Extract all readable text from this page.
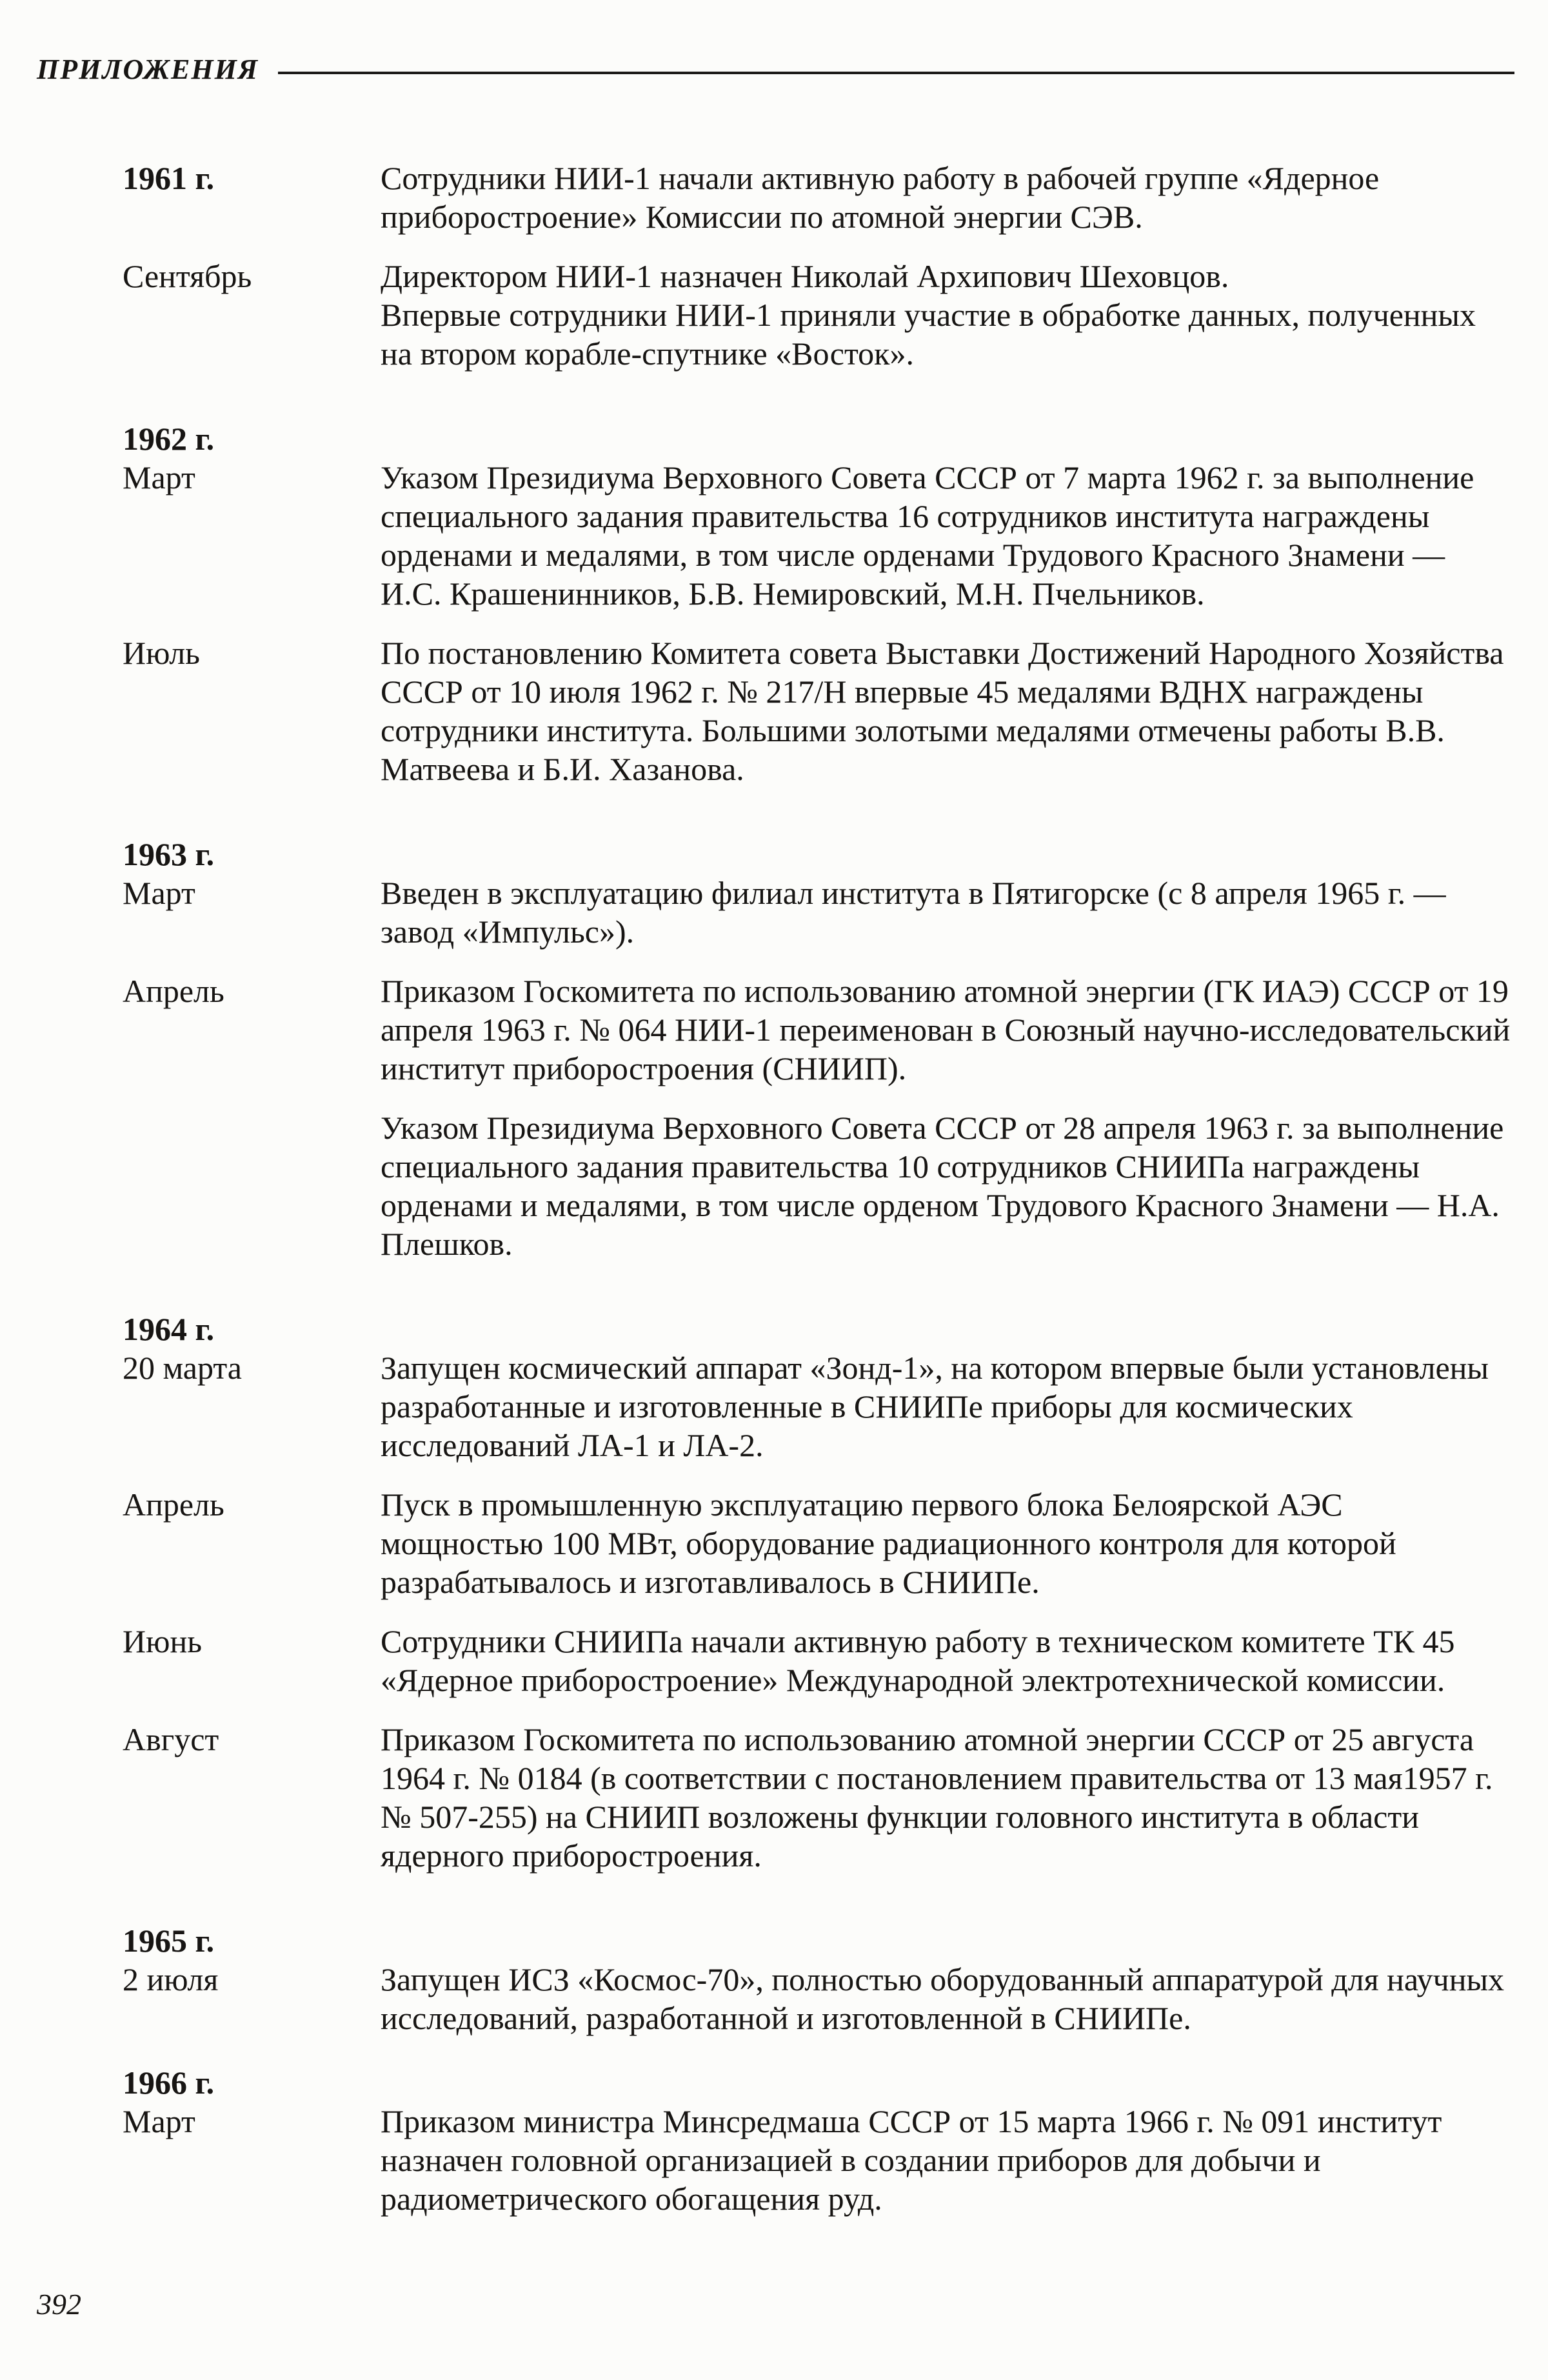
ПРИЛОЖЕНИЯ
1961 г.	Сотрудники НИИ-1 начали активную работу в рабочей группе «Ядерное приборостроение» Комиссии по атомной энергии СЭВ.

Сентябрь	Директором НИИ-1 назначен Николай Архипович Шеховцов.

Впервые сотрудники НИИ-1 приняли участие в обработке данных, полученных на втором корабле-спутнике «Восток».

1962 г.
Март	Указом Президиума Верховного Совета СССР от 7 марта 1962 г. за выполнение специального задания правительства 16 сотрудников института награждены орденами и медалями, в том числе орденами Трудового Красного Знамени — И.С. Крашенинников, Б.В. Немировский, М.Н. Пчельников.

Июль	По постановлению Комитета совета Выставки Достижений Народного Хозяйства СССР от 10 июля 1962 г. № 217/Н впервые 45 медалями ВДНХ награждены сотрудники института. Большими золотыми медалями отмечены работы В.В. Матвеева и Б.И. Хазанова.

1963 г.
Март	Введен в эксплуатацию филиал института в Пятигорске (с 8 апреля 1965 г. — завод «Импульс»).

Апрель	Приказом Госкомитета по использованию атомной энергии (ГК ИАЭ) СССР от 19 апреля 1963 г. № 064 НИИ-1 переименован в Союзный научно-исследовательский институт приборостроения (СНИИП).

Указом Президиума Верховного Совета СССР от 28 апреля 1963 г. за выполнение специального задания правительства 10 сотрудников СНИИПа награждены орденами и медалями, в том числе орденом Трудового Красного Знамени — Н.А. Плешков.

1964 г.
20 марта	Запущен космический аппарат «Зонд-1», на котором впервые были установлены разработанные и изготовленные в СНИИПе приборы для космических исследований ЛА-1 и ЛА-2.

Апрель	Пуск в промышленную эксплуатацию первого блока Белоярской АЭС мощностью 100 МВт, оборудование радиационного контроля для которой разрабатывалось и изготавливалось в СНИИПе.

Июнь	Сотрудники СНИИПа начали активную работу в техническом комитете ТК 45 «Ядерное приборостроение» Международной электротехнической комиссии.

Август	Приказом Госкомитета по использованию атомной энергии СССР от 25 августа 1964 г. № 0184 (в соответствии с постановлением правительства от 13 мая1957 г. № 507-255) на СНИИП возложены функции головного института в области ядерного приборостроения.

1965 г.
2 июля	Запущен ИСЗ «Космос-70», полностью оборудованный аппаратурой для научных исследований, разработанной и изготовленной в СНИИПе.

1966 г.
Март	Приказом министра Минсредмаша СССР от 15 марта 1966 г. № 091 институт назначен головной организацией в создании приборов для добычи и радиометрического обогащения руд.

392
